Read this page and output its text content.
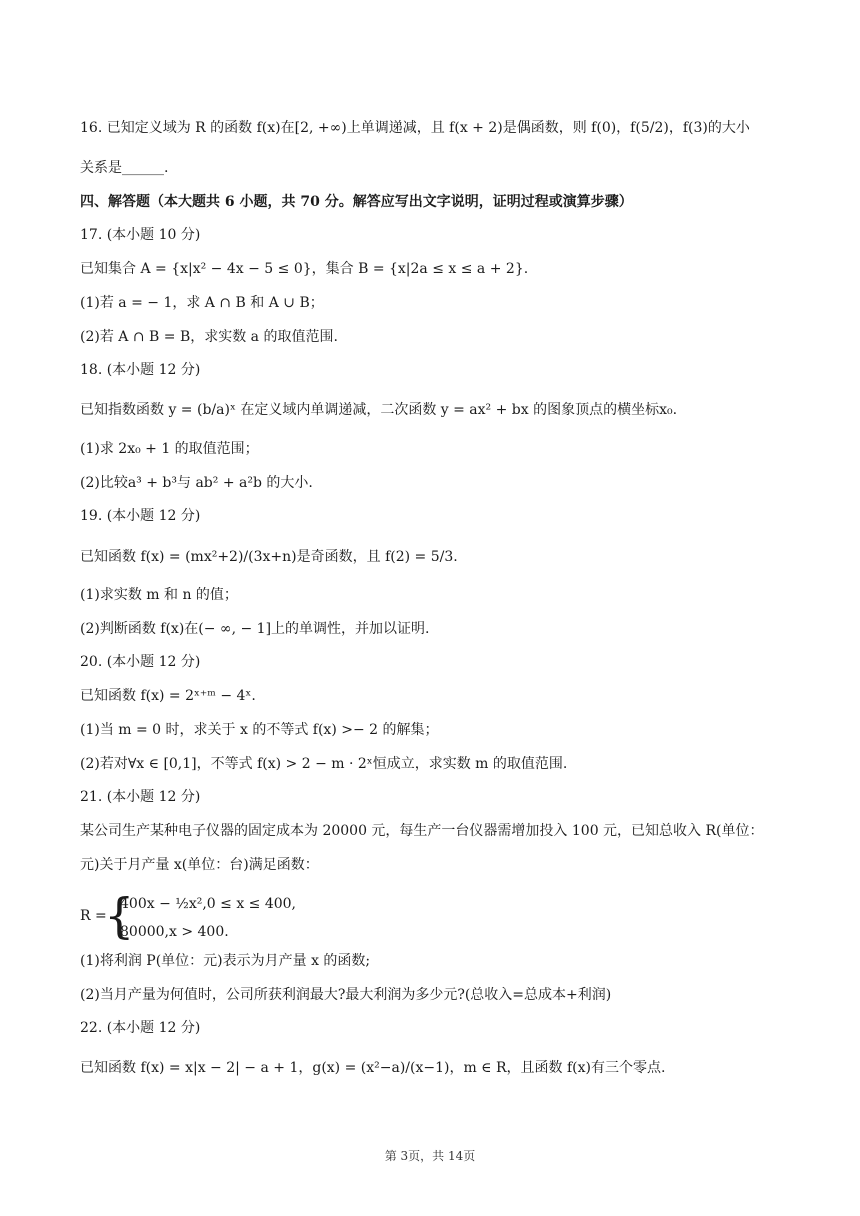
16. 已知定义域为 R 的函数 f(x)在[2, +∞)上单调递减，且 f(x + 2)是偶函数，则 f(0)，f(5/2)，f(3)的大小
关系是______.
四、解答题（本大题共 6 小题，共 70 分。解答应写出文字说明，证明过程或演算步骤）
17. (本小题 10 分)
已知集合 A = {x|x² − 4x − 5 ≤ 0}，集合 B = {x|2a ≤ x ≤ a + 2}.
(1)若 a = − 1，求 A ∩ B 和 A ∪ B；
(2)若 A ∩ B = B，求实数 a 的取值范围.
18. (本小题 12 分)
已知指数函数 y = (b/a)ˣ 在定义域内单调递减，二次函数 y = ax² + bx 的图象顶点的横坐标x₀.
(1)求 2x₀ + 1 的取值范围；
(2)比较a³ + b³与 ab² + a²b 的大小.
19. (本小题 12 分)
已知函数 f(x) = (mx²+2)/(3x+n)是奇函数，且 f(2) = 5/3.
(1)求实数 m 和 n 的值；
(2)判断函数 f(x)在(− ∞, − 1]上的单调性，并加以证明.
20. (本小题 12 分)
已知函数 f(x) = 2ˣ⁺ᵐ − 4ˣ.
(1)当 m = 0 时，求关于 x 的不等式 f(x) >− 2 的解集；
(2)若对∀x ∈ [0,1]，不等式 f(x) > 2 − m · 2ˣ恒成立，求实数 m 的取值范围.
21. (本小题 12 分)
某公司生产某种电子仪器的固定成本为 20000 元，每生产一台仪器需增加投入 100 元，已知总收入 R(单位：
元)关于月产量 x(单位：台)满足函数：
R =
{
400x − ½x²,0 ≤ x ≤ 400,
80000,x > 400.
(1)将利润 P(单位：元)表示为月产量 x 的函数;
(2)当月产量为何值时，公司所获利润最大?最大利润为多少元?(总收入=总成本+利润)
22. (本小题 12 分)
已知函数 f(x) = x|x − 2| − a + 1，g(x) = (x²−a)/(x−1)，m ∈ R，且函数 f(x)有三个零点.
第 3页，共 14页
